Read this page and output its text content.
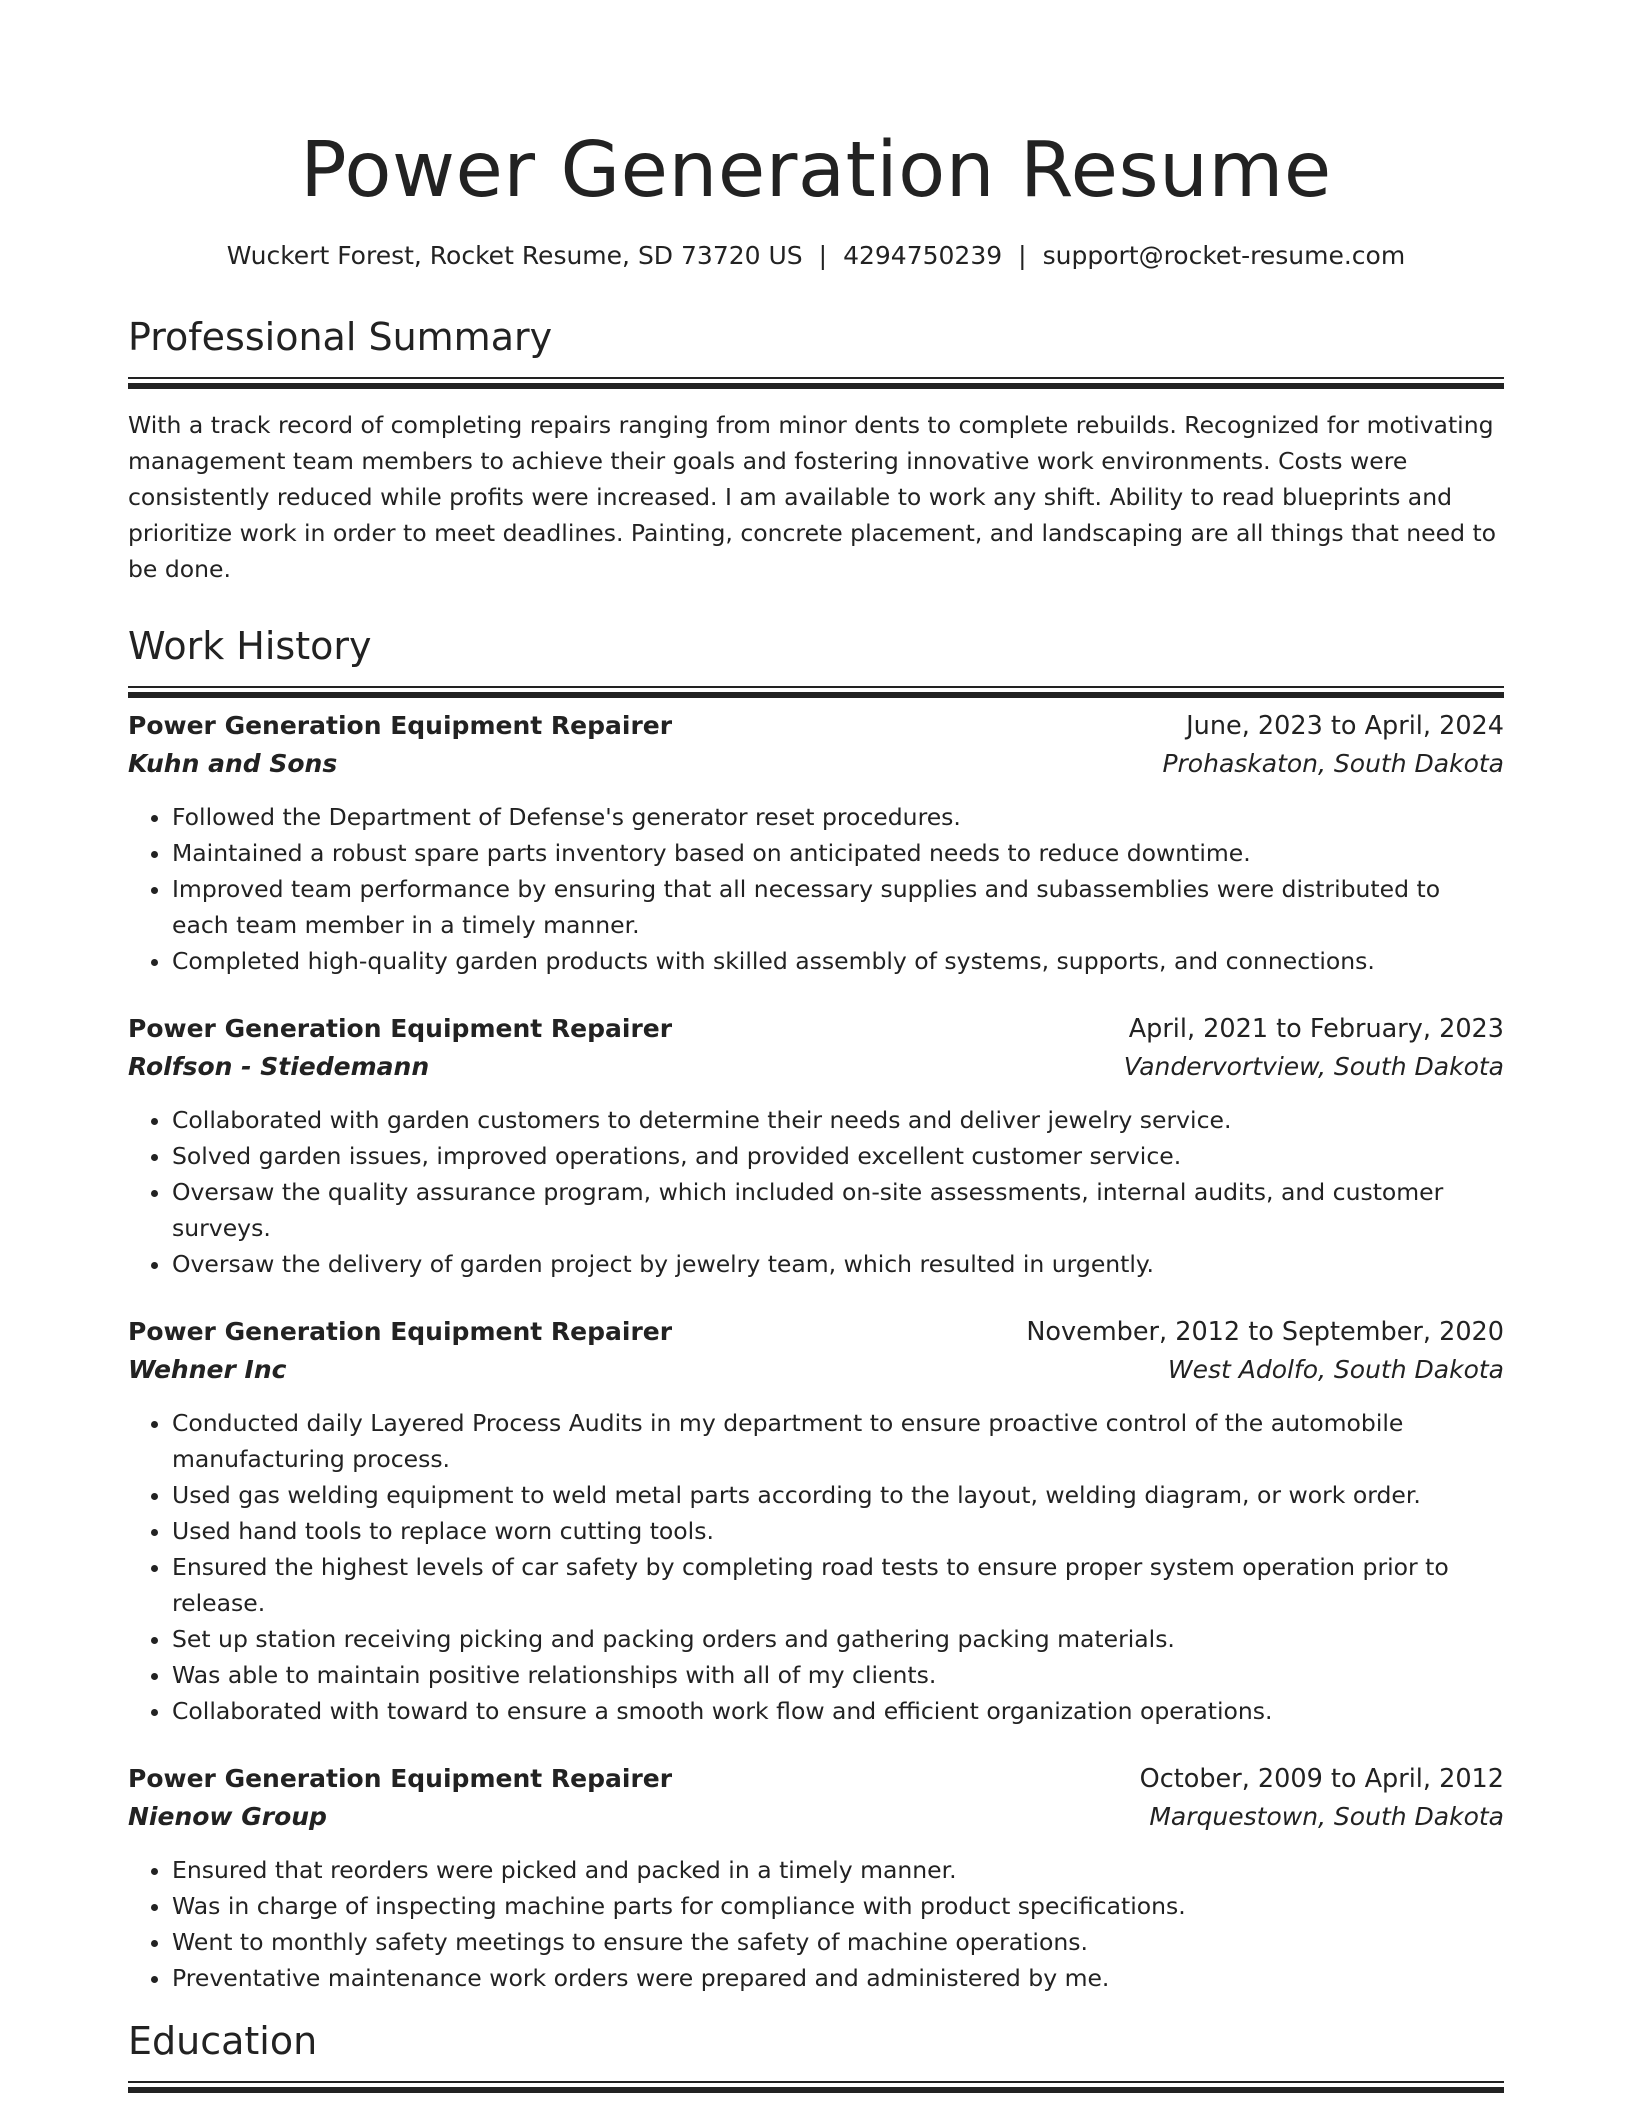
Power Generation Resume
Wuckert Forest, Rocket Resume, SD 73720 US | 4294750239 | support@rocket-resume.com
Professional Summary
With a track record of completing repairs ranging from minor dents to complete rebuilds. Recognized for motivating management team members to achieve their goals and fostering innovative work environments. Costs were consistently reduced while profits were increased. I am available to work any shift. Ability to read blueprints and prioritize work in order to meet deadlines. Painting, concrete placement, and landscaping are all things that need to be done.
Work History
Power Generation Equipment Repairer	June, 2023 to April, 2024
Kuhn and Sons	Prohaskaton, South Dakota
• Followed the Department of Defense's generator reset procedures.
• Maintained a robust spare parts inventory based on anticipated needs to reduce downtime.
• Improved team performance by ensuring that all necessary supplies and subassemblies were distributed to each team member in a timely manner.
• Completed high-quality garden products with skilled assembly of systems, supports, and connections.
Power Generation Equipment Repairer	April, 2021 to February, 2023
Rolfson - Stiedemann	Vandervortview, South Dakota
• Collaborated with garden customers to determine their needs and deliver jewelry service.
• Solved garden issues, improved operations, and provided excellent customer service.
• Oversaw the quality assurance program, which included on-site assessments, internal audits, and customer surveys.
• Oversaw the delivery of garden project by jewelry team, which resulted in urgently.
Power Generation Equipment Repairer	November, 2012 to September, 2020
Wehner Inc	West Adolfo, South Dakota
• Conducted daily Layered Process Audits in my department to ensure proactive control of the automobile manufacturing process.
• Used gas welding equipment to weld metal parts according to the layout, welding diagram, or work order.
• Used hand tools to replace worn cutting tools.
• Ensured the highest levels of car safety by completing road tests to ensure proper system operation prior to release.
• Set up station receiving picking and packing orders and gathering packing materials.
• Was able to maintain positive relationships with all of my clients.
• Collaborated with toward to ensure a smooth work flow and efficient organization operations.
Power Generation Equipment Repairer	October, 2009 to April, 2012
Nienow Group	Marquestown, South Dakota
• Ensured that reorders were picked and packed in a timely manner.
• Was in charge of inspecting machine parts for compliance with product specifications.
• Went to monthly safety meetings to ensure the safety of machine operations.
• Preventative maintenance work orders were prepared and administered by me.
Education
